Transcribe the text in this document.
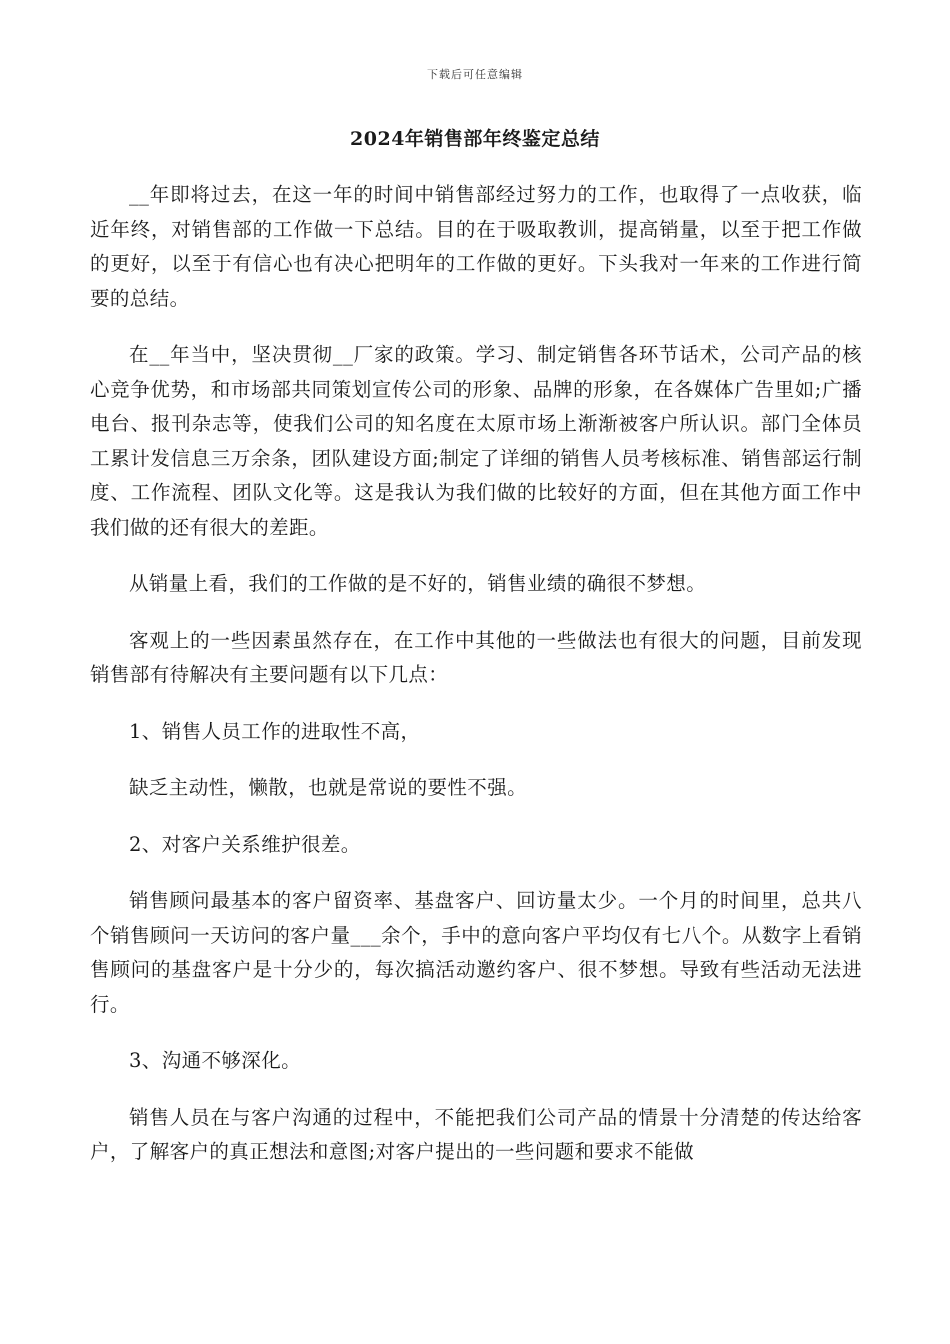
下载后可任意编辑
2024年销售部年终鉴定总结

__年即将过去，在这一年的时间中销售部经过努力的工作，也取得了一点收获，临近年终，对销售部的工作做一下总结。目的在于吸取教训，提高销量，以至于把工作做的更好，以至于有信心也有决心把明年的工作做的更好。下头我对一年来的工作进行简要的总结。

在__年当中，坚决贯彻__厂家的政策。学习、制定销售各环节话术，公司产品的核心竞争优势，和市场部共同策划宣传公司的形象、品牌的形象，在各媒体广告里如;广播电台、报刊杂志等，使我们公司的知名度在太原市场上渐渐被客户所认识。部门全体员工累计发信息三万余条，团队建设方面;制定了详细的销售人员考核标准、销售部运行制度、工作流程、团队文化等。这是我认为我们做的比较好的方面，但在其他方面工作中我们做的还有很大的差距。

从销量上看，我们的工作做的是不好的，销售业绩的确很不梦想。

客观上的一些因素虽然存在，在工作中其他的一些做法也有很大的问题，目前发现销售部有待解决有主要问题有以下几点：

1、销售人员工作的进取性不高，

缺乏主动性，懒散，也就是常说的要性不强。

2、对客户关系维护很差。

销售顾问最基本的客户留资率、基盘客户、回访量太少。一个月的时间里，总共八个销售顾问一天访问的客户量___余个，手中的意向客户平均仅有七八个。从数字上看销售顾问的基盘客户是十分少的，每次搞活动邀约客户、很不梦想。导致有些活动无法进行。

3、沟通不够深化。

销售人员在与客户沟通的过程中，不能把我们公司产品的情景十分清楚的传达给客户，了解客户的真正想法和意图;对客户提出的一些问题和要求不能做
